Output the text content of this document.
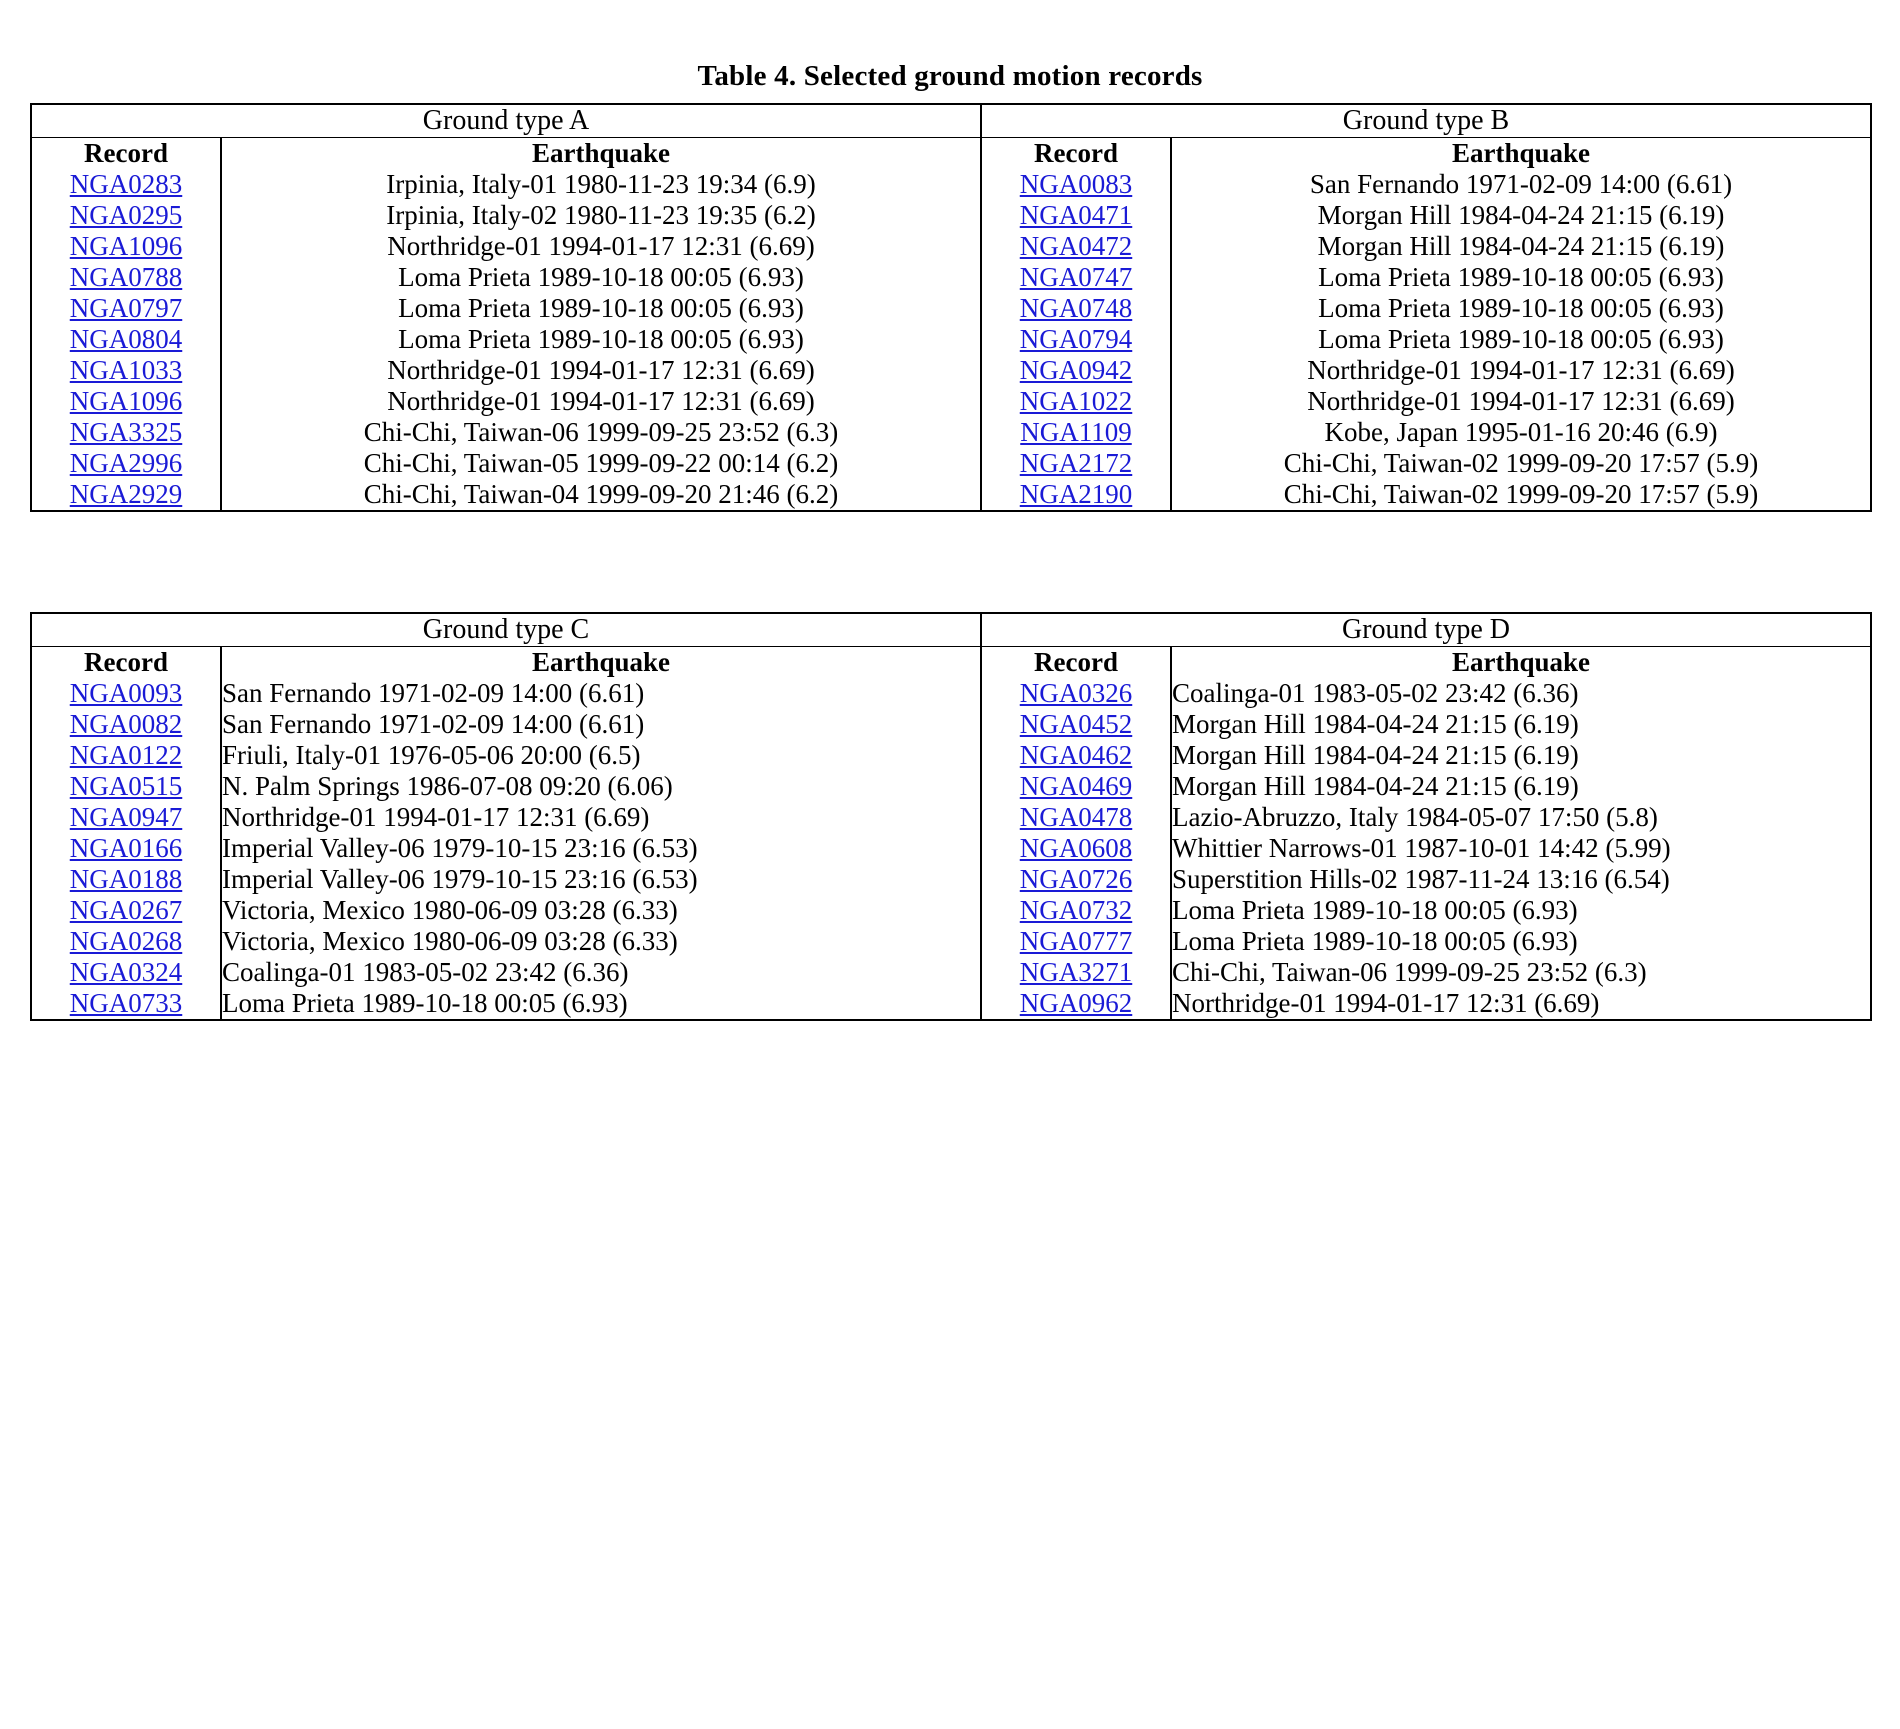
Table 4. Selected ground motion records
Ground type A		Ground type B	
Record	Earthquake	Record	Earthquake
NGA0283	Irpinia, Italy-01 1980-11-23 19:34 (6.9)	NGA0083	San Fernando 1971-02-09 14:00 (6.61)
NGA0295	Irpinia, Italy-02 1980-11-23 19:35 (6.2)	NGA0471	Morgan Hill 1984-04-24 21:15 (6.19)
NGA1096	Northridge-01 1994-01-17 12:31 (6.69)	NGA0472	Morgan Hill 1984-04-24 21:15 (6.19)
NGA0788	Loma Prieta 1989-10-18 00:05 (6.93)	NGA0747	Loma Prieta 1989-10-18 00:05 (6.93)
NGA0797	Loma Prieta 1989-10-18 00:05 (6.93)	NGA0748	Loma Prieta 1989-10-18 00:05 (6.93)
NGA0804	Loma Prieta 1989-10-18 00:05 (6.93)	NGA0794	Loma Prieta 1989-10-18 00:05 (6.93)
NGA1033	Northridge-01 1994-01-17 12:31 (6.69)	NGA0942	Northridge-01 1994-01-17 12:31 (6.69)
NGA1096	Northridge-01 1994-01-17 12:31 (6.69)	NGA1022	Northridge-01 1994-01-17 12:31 (6.69)
NGA3325	Chi-Chi, Taiwan-06 1999-09-25 23:52 (6.3)	NGA1109	Kobe, Japan 1995-01-16 20:46 (6.9)
NGA2996	Chi-Chi, Taiwan-05 1999-09-22 00:14 (6.2)	NGA2172	Chi-Chi, Taiwan-02 1999-09-20 17:57 (5.9)
NGA2929	Chi-Chi, Taiwan-04 1999-09-20 21:46 (6.2)	NGA2190	Chi-Chi, Taiwan-02 1999-09-20 17:57 (5.9)
Ground type C		Ground type D	
Record	Earthquake	Record	Earthquake
NGA0093	San Fernando 1971-02-09 14:00 (6.61)	NGA0326	Coalinga-01 1983-05-02 23:42 (6.36)
NGA0082	San Fernando 1971-02-09 14:00 (6.61)	NGA0452	Morgan Hill 1984-04-24 21:15 (6.19)
NGA0122	Friuli, Italy-01 1976-05-06 20:00 (6.5)	NGA0462	Morgan Hill 1984-04-24 21:15 (6.19)
NGA0515	N. Palm Springs 1986-07-08 09:20 (6.06)	NGA0469	Morgan Hill 1984-04-24 21:15 (6.19)
NGA0947	Northridge-01 1994-01-17 12:31 (6.69)	NGA0478	Lazio-Abruzzo, Italy 1984-05-07 17:50 (5.8)
NGA0166	Imperial Valley-06 1979-10-15 23:16 (6.53)	NGA0608	Whittier Narrows-01 1987-10-01 14:42 (5.99)
NGA0188	Imperial Valley-06 1979-10-15 23:16 (6.53)	NGA0726	Superstition Hills-02 1987-11-24 13:16 (6.54)
NGA0267	Victoria, Mexico 1980-06-09 03:28 (6.33)	NGA0732	Loma Prieta 1989-10-18 00:05 (6.93)
NGA0268	Victoria, Mexico 1980-06-09 03:28 (6.33)	NGA0777	Loma Prieta 1989-10-18 00:05 (6.93)
NGA0324	Coalinga-01 1983-05-02 23:42 (6.36)	NGA3271	Chi-Chi, Taiwan-06 1999-09-25 23:52 (6.3)
NGA0733	Loma Prieta 1989-10-18 00:05 (6.93)	NGA0962	Northridge-01 1994-01-17 12:31 (6.69)
